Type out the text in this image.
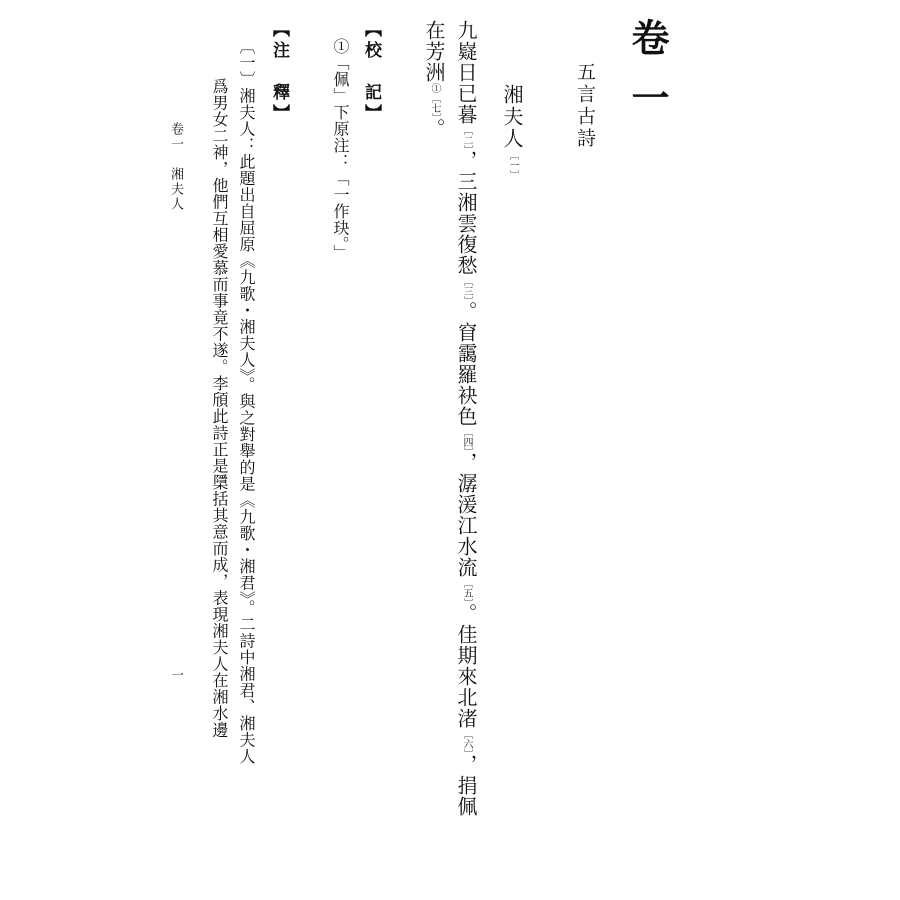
卷一
五言古詩
湘夫人〔一〕
九嶷日已暮〔二〕，三湘雲復愁〔三〕。窅靄羅袂色〔四〕，潺湲江水流〔五〕。佳期來北渚〔六〕，捐佩
在芳洲①〔七〕。
【校　記】
①「佩」下原注：「一作玦。」
【注　釋】
〔一〕湘夫人：此題出自屈原《九歌・湘夫人》。與之對舉的是《九歌・湘君》。二詩中湘君、湘夫人
爲男女二神，他們互相愛慕而事竟不遂。李頎此詩正是檃括其意而成，表現湘夫人在湘水邊
卷一　湘夫人
一
